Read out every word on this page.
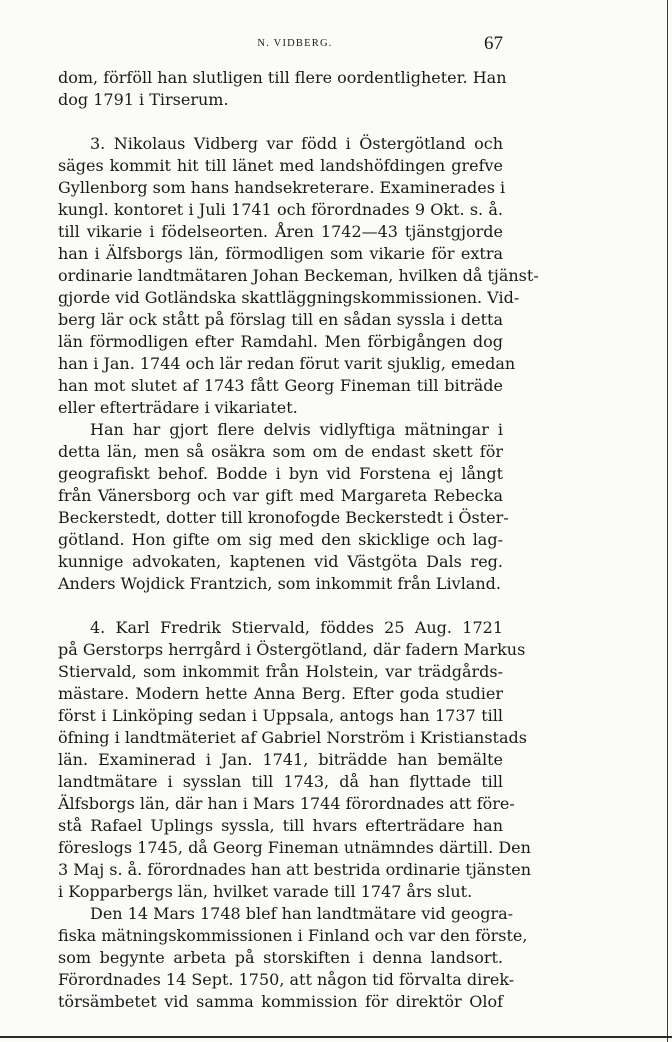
N. VIDBERG.	67
dom, förföll han slutligen till flere oordentligheter. Han
dog 1791 i Tirserum.
3. Nikolaus Vidberg var född i Östergötland och
säges kommit hit till länet med landshöfdingen grefve
Gyllenborg som hans handsekreterare. Examinerades i
kungl. kontoret i Juli 1741 och förordnades 9 Okt. s. å.
till vikarie i födelseorten. Åren 1742—43 tjänstgjorde
han i Älfsborgs län, förmodligen som vikarie för extra
ordinarie landtmätaren Johan Beckeman, hvilken då tjänst-
gjorde vid Gotländska skattläggningskommissionen. Vid-
berg lär ock stått på förslag till en sådan syssla i detta
län förmodligen efter Ramdahl. Men förbigången dog
han i Jan. 1744 och lär redan förut varit sjuklig, emedan
han mot slutet af 1743 fått Georg Fineman till biträde
eller efterträdare i vikariatet.
Han har gjort flere delvis vidlyftiga mätningar i
detta län, men så osäkra som om de endast skett för
geografiskt behof. Bodde i byn vid Forstena ej långt
från Vänersborg och var gift med Margareta Rebecka
Beckerstedt, dotter till kronofogde Beckerstedt i Öster-
götland. Hon gifte om sig med den skicklige och lag-
kunnige advokaten, kaptenen vid Västgöta Dals reg.
Anders Wojdick Frantzich, som inkommit från Livland.
4. Karl Fredrik Stiervald, föddes 25 Aug. 1721
på Gerstorps herrgård i Östergötland, där fadern Markus
Stiervald, som inkommit från Holstein, var trädgårds-
mästare. Modern hette Anna Berg. Efter goda studier
först i Linköping sedan i Uppsala, antogs han 1737 till
öfning i landtmäteriet af Gabriel Norström i Kristianstads
län. Examinerad i Jan. 1741, biträdde han bemälte
landtmätare i sysslan till 1743, då han flyttade till
Älfsborgs län, där han i Mars 1744 förordnades att före-
stå Rafael Uplings syssla, till hvars efterträdare han
föreslogs 1745, då Georg Fineman utnämndes därtill. Den
3 Maj s. å. förordnades han att bestrida ordinarie tjänsten
i Kopparbergs län, hvilket varade till 1747 års slut.
Den 14 Mars 1748 blef han landtmätare vid geogra-
fiska mätningskommissionen i Finland och var den förste,
som begynte arbeta på storskiften i denna landsort.
Förordnades 14 Sept. 1750, att någon tid förvalta direk-
törsämbetet vid samma kommission för direktör Olof
